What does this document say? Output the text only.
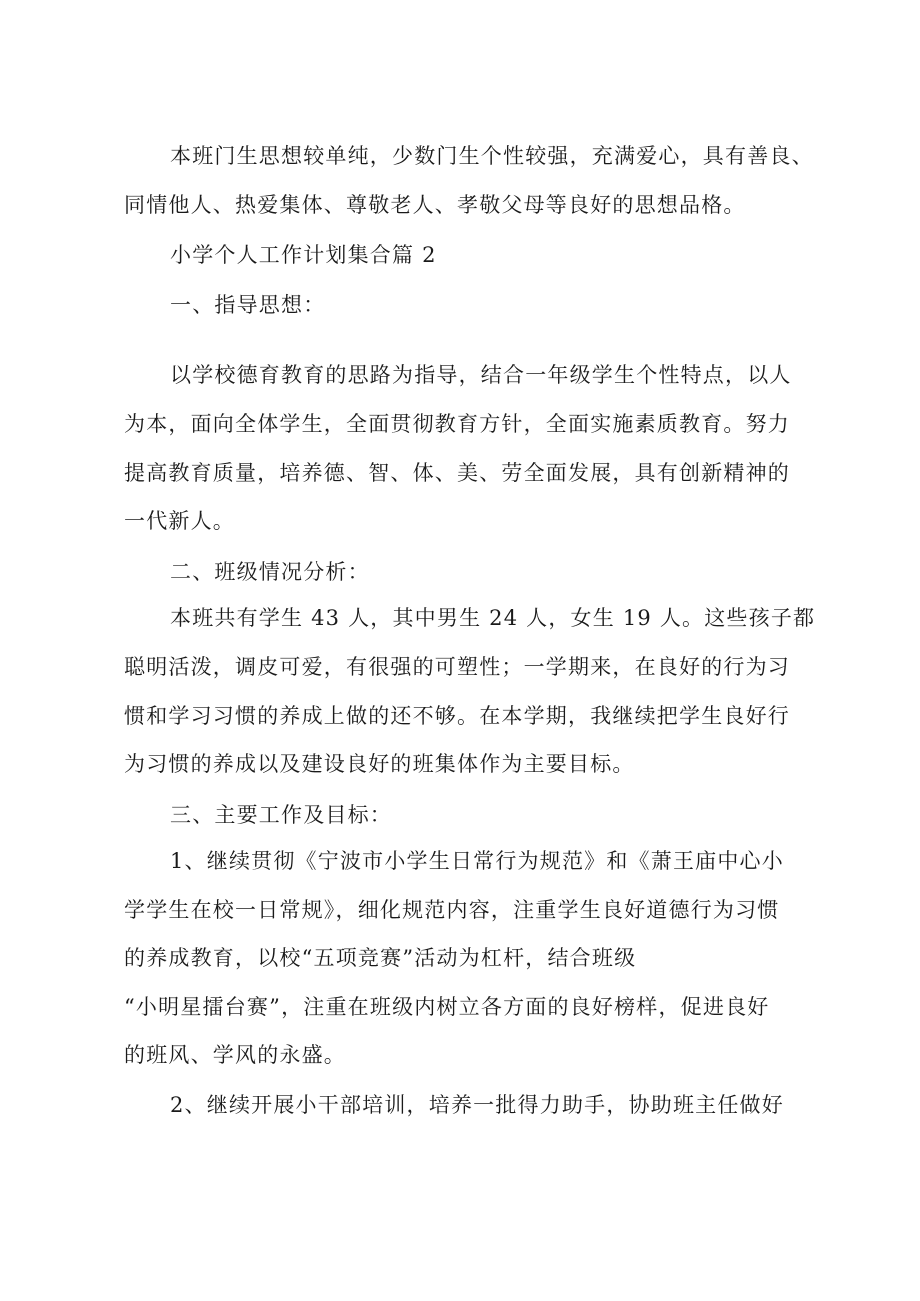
本班门生思想较单纯，少数门生个性较强，充满爱心，具有善良、
同情他人、热爱集体、尊敬老人、孝敬父母等良好的思想品格。
小学个人工作计划集合篇 2
一、指导思想：
以学校德育教育的思路为指导，结合一年级学生个性特点，以人
为本，面向全体学生，全面贯彻教育方针，全面实施素质教育。努力
提高教育质量，培养德、智、体、美、劳全面发展，具有创新精神的
一代新人。
二、班级情况分析：
本班共有学生 43 人，其中男生 24 人，女生 19 人。这些孩子都
聪明活泼，调皮可爱，有很强的可塑性；一学期来，在良好的行为习
惯和学习习惯的养成上做的还不够。在本学期，我继续把学生良好行
为习惯的养成以及建设良好的班集体作为主要目标。
三、主要工作及目标：
1、继续贯彻《宁波市小学生日常行为规范》和《萧王庙中心小
学学生在校一日常规》，细化规范内容，注重学生良好道德行为习惯
的养成教育，以校“五项竞赛”活动为杠杆，结合班级
“小明星擂台赛”，注重在班级内树立各方面的良好榜样，促进良好
的班风、学风的永盛。
2、继续开展小干部培训，培养一批得力助手，协助班主任做好
